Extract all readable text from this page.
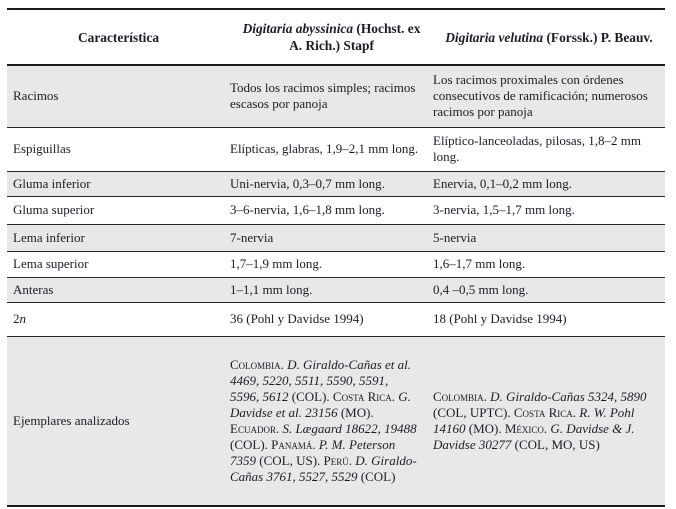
Característica	Digitaria abyssinica (Hochst. ex A. Rich.) Stapf	Digitaria velutina (Forssk.) P. Beauv.
Racimos	Todos los racimos simples; racimos escasos por panoja	Los racimos proximales con órdenes consecutivos de ramificación; numerosos racimos por panoja
Espiguillas	Elípticas, glabras, 1,9–2,1 mm long.	Elíptico-lanceoladas, pilosas, 1,8–2 mm long.
Gluma inferior	Uni-nervia, 0,3–0,7 mm long.	Enervia, 0,1–0,2 mm long.
Gluma superior	3–6-nervia, 1,6–1,8 mm long.	3-nervia, 1,5–1,7 mm long.
Lema inferior	7-nervia	5-nervia
Lema superior	1,7–1,9 mm long.	1,6–1,7 mm long.
Anteras	1–1,1 mm long.	0,4 –0,5 mm long.
2n	36 (Pohl y Davidse 1994)	18 (Pohl y Davidse 1994)
Ejemplares analizados	Colombia. D. Giraldo-Cañas et al. 4469, 5220, 5511, 5590, 5591, 5596, 5612 (COL). Costa Rica. G. Davidse et al. 23156 (MO). Ecuador. S. Lægaard 18622, 19488 (COL). Panamá. P. M. Peterson 7359 (COL, US). Perú. D. Giraldo-Cañas 3761, 5527, 5529 (COL)	Colombia. D. Giraldo-Cañas 5324, 5890 (COL, UPTC). Costa Rica. R. W. Pohl 14160 (MO). México. G. Davidse & J. Davidse 30277 (COL, MO, US)
